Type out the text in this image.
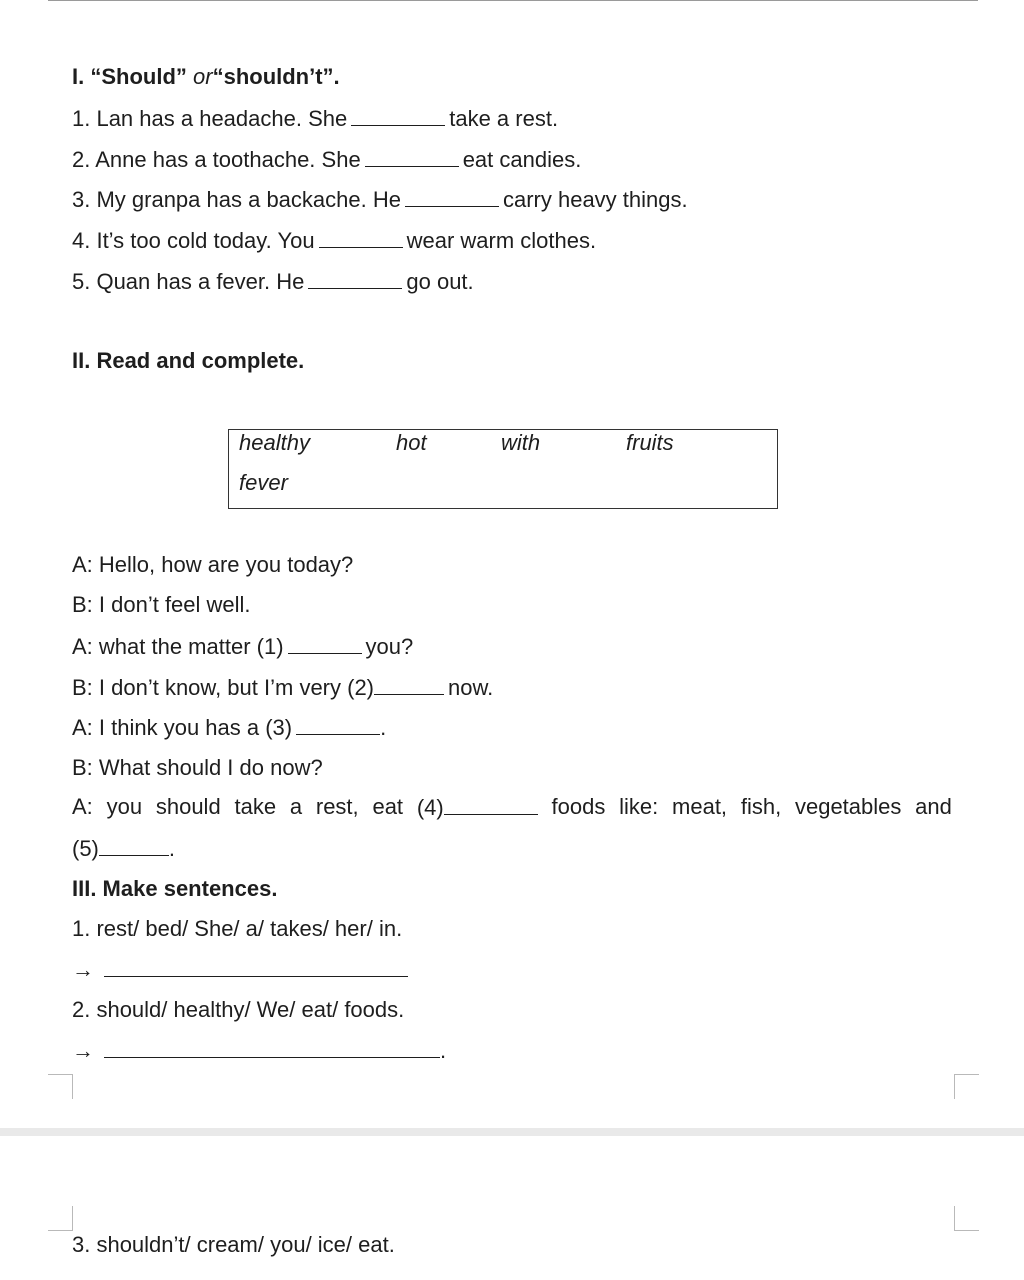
I. “Should” or“shouldn’t”.
1. Lan has a headache. She	take a rest.
2. Anne has a toothache. She	eat candies.
3. My granpa has a backache. He	carry heavy things.
4. It’s too cold today. You	wear warm clothes.
5. Quan has a fever. He	go out.
II. Read and complete.
healthy	hot	with	fruits
fever
A: Hello, how are you today?
B: I don’t feel well.
A: what the matter (1)	you?
B: I don’t know, but I’m very (2)	now.
A: I think you has a (3)	.
B: What should I do now?
A: you should take a rest, eat (4)	foods like: meat, fish, vegetables and
(5)	.
III. Make sentences.
1. rest/ bed/ She/ a/ takes/ her/ in.
→
2. should/ healthy/ We/ eat/ foods.
→	.
3. shouldn’t/ cream/ you/ ice/ eat.
